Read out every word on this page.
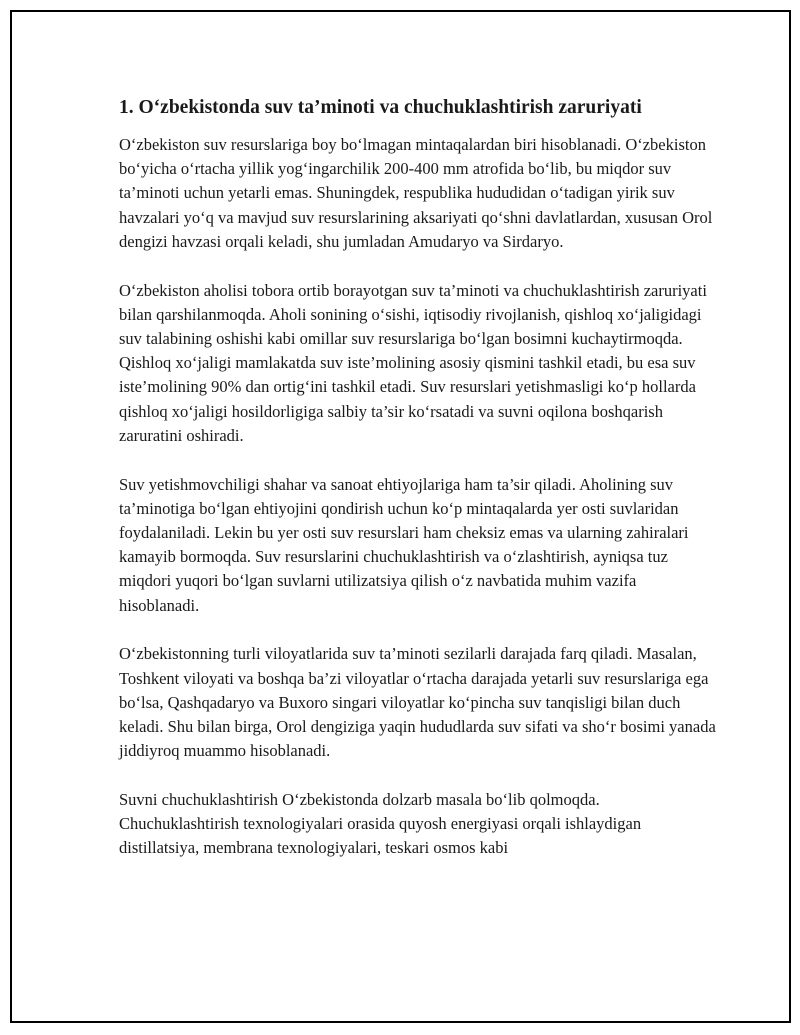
1. O‘zbekistonda suv ta’minoti va chuchuklashtirish zaruriyati

O‘zbekiston suv resurslariga boy bo‘lmagan mintaqalardan biri hisoblanadi. O‘zbekiston bo‘yicha o‘rtacha yillik yog‘ingarchilik 200-400 mm atrofida bo‘lib, bu miqdor suv ta’minoti uchun yetarli emas. Shuningdek, respublika hududidan o‘tadigan yirik suv havzalari yo‘q va mavjud suv resurslarining aksariyati qo‘shni davlatlardan, xususan Orol dengizi havzasi orqali keladi, shu jumladan Amudaryo va Sirdaryo.

O‘zbekiston aholisi tobora ortib borayotgan suv ta’minoti va chuchuklashtirish zaruriyati bilan qarshilanmoqda. Aholi sonining o‘sishi, iqtisodiy rivojlanish, qishloq xo‘jaligidagi suv talabining oshishi kabi omillar suv resurslariga bo‘lgan bosimni kuchaytirmoqda. Qishloq xo‘jaligi mamlakatda suv iste’molining asosiy qismini tashkil etadi, bu esa suv iste’molining 90% dan ortig‘ini tashkil etadi. Suv resurslari yetishmasligi ko‘p hollarda qishloq xo‘jaligi hosildorligiga salbiy ta’sir ko‘rsatadi va suvni oqilona boshqarish zaruratini oshiradi.

Suv yetishmovchiligi shahar va sanoat ehtiyojlariga ham ta’sir qiladi. Aholining suv ta’minotiga bo‘lgan ehtiyojini qondirish uchun ko‘p mintaqalarda yer osti suvlaridan foydalaniladi. Lekin bu yer osti suv resurslari ham cheksiz emas va ularning zahiralari kamayib bormoqda. Suv resurslarini chuchuklashtirish va o‘zlashtirish, ayniqsa tuz miqdori yuqori bo‘lgan suvlarni utilizatsiya qilish o‘z navbatida muhim vazifa hisoblanadi.

O‘zbekistonning turli viloyatlarida suv ta’minoti sezilarli darajada farq qiladi. Masalan, Toshkent viloyati va boshqa ba’zi viloyatlar o‘rtacha darajada yetarli suv resurslariga ega bo‘lsa, Qashqadaryo va Buxoro singari viloyatlar ko‘pincha suv tanqisligi bilan duch keladi. Shu bilan birga, Orol dengiziga yaqin hududlarda suv sifati va sho‘r bosimi yanada jiddiyroq muammo hisoblanadi.

Suvni chuchuklashtirish O‘zbekistonda dolzarb masala bo‘lib qolmoqda. Chuchuklashtirish texnologiyalari orasida quyosh energiyasi orqali ishlaydigan distillatsiya, membrana texnologiyalari, teskari osmos kabi
